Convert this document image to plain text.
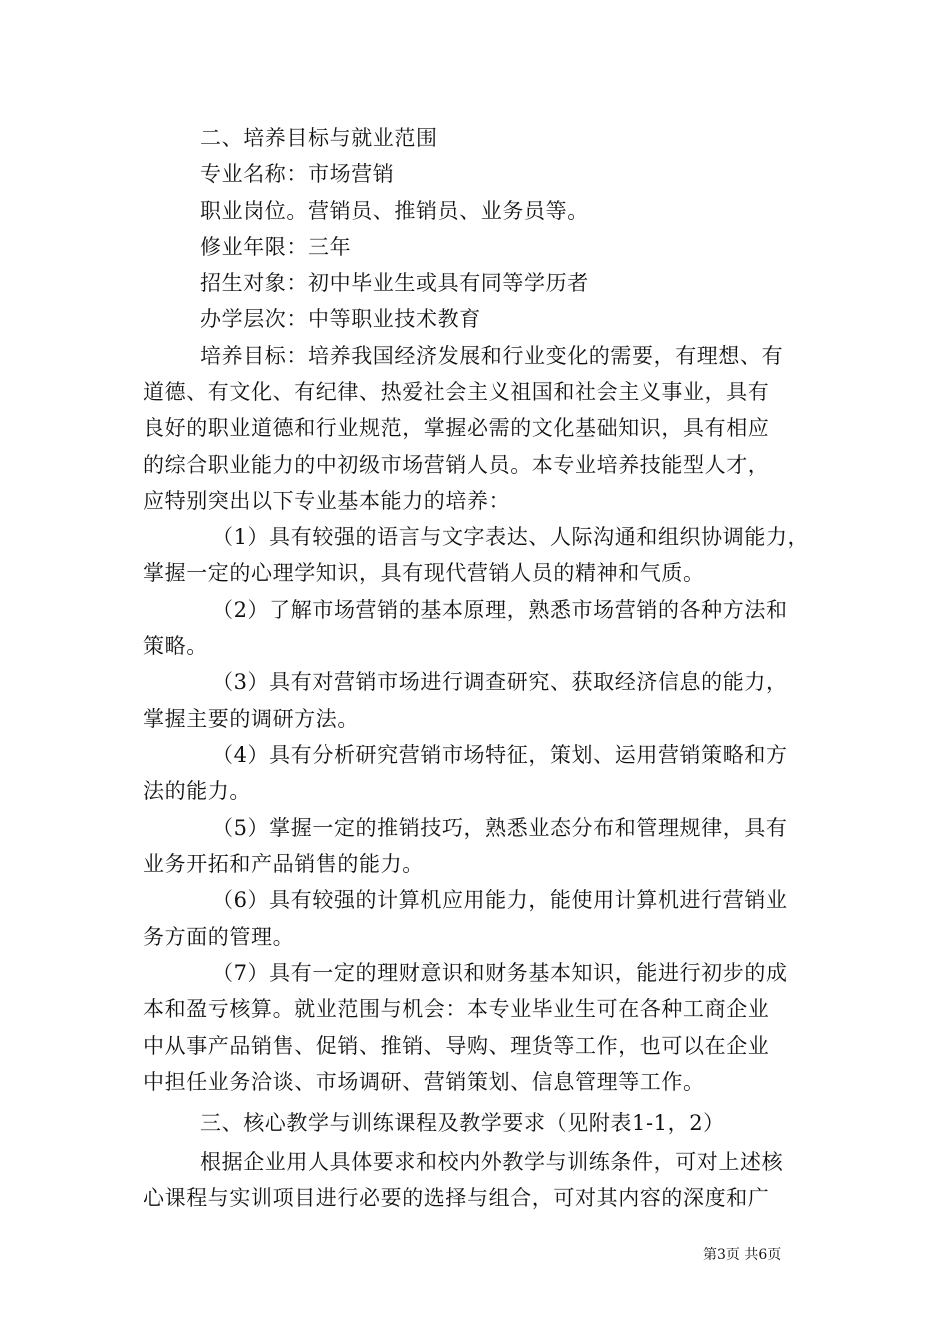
二、培养目标与就业范围
专业名称：市场营销
职业岗位。营销员、推销员、业务员等。
修业年限：三年
招生对象：初中毕业生或具有同等学历者
办学层次：中等职业技术教育
培养目标：培养我国经济发展和行业变化的需要，有理想、有
道德、有文化、有纪律、热爱社会主义祖国和社会主义事业，具有
良好的职业道德和行业规范，掌握必需的文化基础知识，具有相应
的综合职业能力的中初级市场营销人员。本专业培养技能型人才，
应特别突出以下专业基本能力的培养：
（1）具有较强的语言与文字表达、人际沟通和组织协调能力，
掌握一定的心理学知识，具有现代营销人员的精神和气质。
（2）了解市场营销的基本原理，熟悉市场营销的各种方法和
策略。
（3）具有对营销市场进行调查研究、获取经济信息的能力，
掌握主要的调研方法。
（4）具有分析研究营销市场特征，策划、运用营销策略和方
法的能力。
（5）掌握一定的推销技巧，熟悉业态分布和管理规律，具有
业务开拓和产品销售的能力。
（6）具有较强的计算机应用能力，能使用计算机进行营销业
务方面的管理。
（7）具有一定的理财意识和财务基本知识，能进行初步的成
本和盈亏核算。就业范围与机会：本专业毕业生可在各种工商企业
中从事产品销售、促销、推销、导购、理货等工作，也可以在企业
中担任业务洽谈、市场调研、营销策划、信息管理等工作。
三、核心教学与训练课程及教学要求（见附表1-1，2）
根据企业用人具体要求和校内外教学与训练条件，可对上述核
心课程与实训项目进行必要的选择与组合，可对其内容的深度和广
第3页 共6页
